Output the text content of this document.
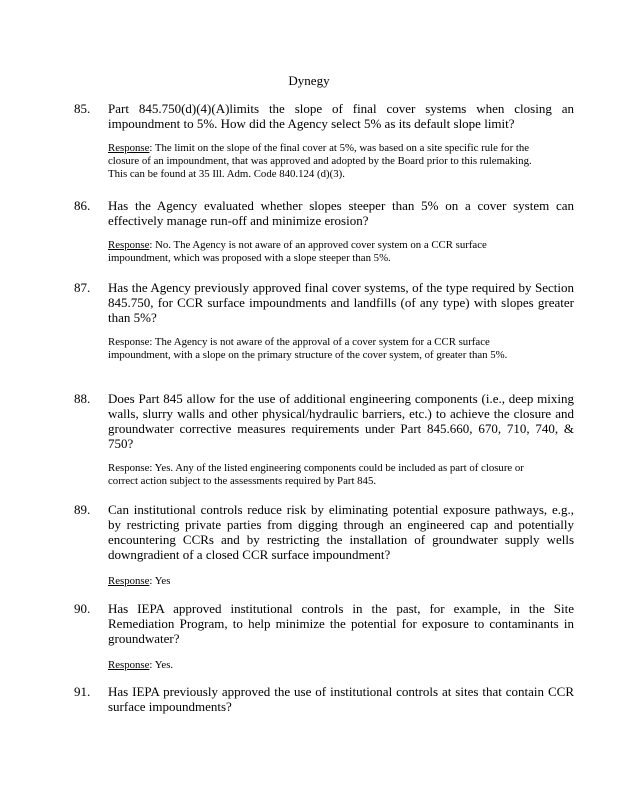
Dynegy
85. Part 845.750(d)(4)(A)limits the slope of final cover systems when closing an impoundment to 5%. How did the Agency select 5% as its default slope limit?
Response: The limit on the slope of the final cover at 5%, was based on a site specific rule for the closure of an impoundment, that was approved and adopted by the Board prior to this rulemaking. This can be found at 35 Ill. Adm. Code 840.124 (d)(3).
86. Has the Agency evaluated whether slopes steeper than 5% on a cover system can effectively manage run-off and minimize erosion?
Response: No. The Agency is not aware of an approved cover system on a CCR surface impoundment, which was proposed with a slope steeper than 5%.
87. Has the Agency previously approved final cover systems, of the type required by Section 845.750, for CCR surface impoundments and landfills (of any type) with slopes greater than 5%?
Response: The Agency is not aware of the approval of a cover system for a CCR surface impoundment, with a slope on the primary structure of the cover system, of greater than 5%.
88. Does Part 845 allow for the use of additional engineering components (i.e., deep mixing walls, slurry walls and other physical/hydraulic barriers, etc.) to achieve the closure and groundwater corrective measures requirements under Part 845.660, 670, 710, 740, & 750?
Response: Yes. Any of the listed engineering components could be included as part of closure or correct action subject to the assessments required by Part 845.
89. Can institutional controls reduce risk by eliminating potential exposure pathways, e.g., by restricting private parties from digging through an engineered cap and potentially encountering CCRs and by restricting the installation of groundwater supply wells downgradient of a closed CCR surface impoundment?
Response: Yes
90. Has IEPA approved institutional controls in the past, for example, in the Site Remediation Program, to help minimize the potential for exposure to contaminants in groundwater?
Response: Yes.
91. Has IEPA previously approved the use of institutional controls at sites that contain CCR surface impoundments?
